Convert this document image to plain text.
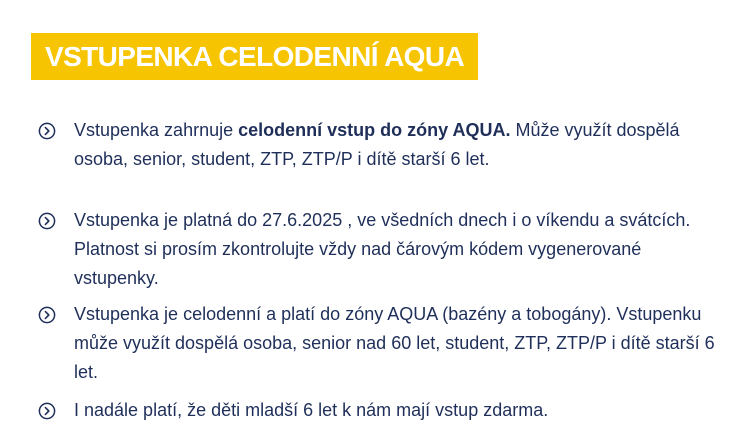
VSTUPENKA CELODENNÍ AQUA
Vstupenka zahrnuje celodenní vstup do zóny AQUA. Může využít dospělá osoba, senior, student, ZTP, ZTP/P i dítě starší 6 let.
Vstupenka je platná do 27.6.2025 , ve všedních dnech i o víkendu a svátcích. Platnost si prosím zkontrolujte vždy nad čárovým kódem vygenerované vstupenky.
Vstupenka je celodenní a platí do zóny AQUA (bazény a tobogány). Vstupenku může využít dospělá osoba, senior nad 60 let, student, ZTP, ZTP/P i dítě starší 6 let.
I nadále platí, že děti mladší 6 let k nám mají vstup zdarma.
